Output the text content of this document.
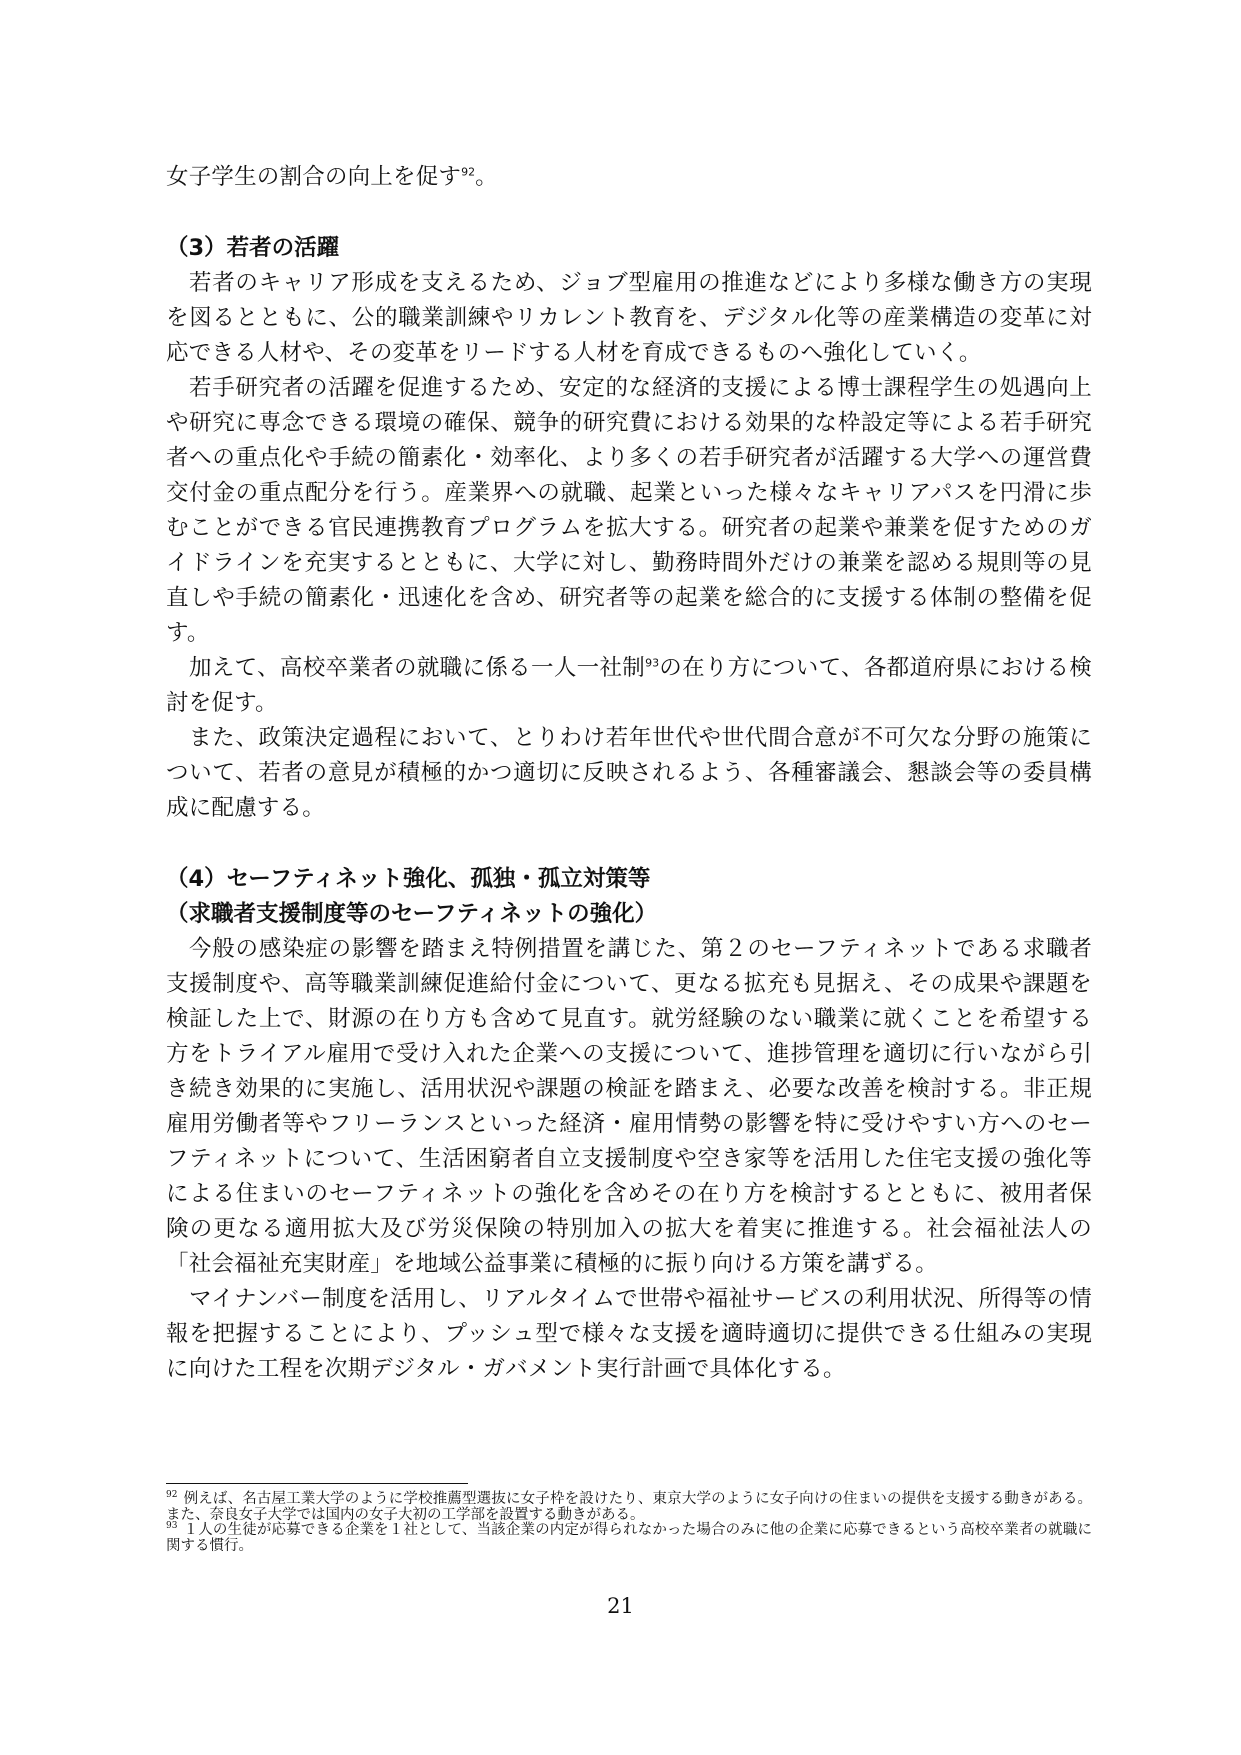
女子学生の割合の向上を促す$^{92}$。

（3）若者の活躍

若者のキャリア形成を支えるため、ジョブ型雇用の推進などにより多様な働き方の実現を図るとともに、公的職業訓練やリカレント教育を、デジタル化等の産業構造の変革に対応できる人材や、その変革をリードする人材を育成できるものへ強化していく。

若手研究者の活躍を促進するため、安定的な経済的支援による博士課程学生の処遇向上や研究に専念できる環境の確保、競争的研究費における効果的な枠設定等による若手研究者への重点化や手続の簡素化・効率化、より多くの若手研究者が活躍する大学への運営費交付金の重点配分を行う。産業界への就職、起業といった様々なキャリアパスを円滑に歩むことができる官民連携教育プログラムを拡大する。研究者の起業や兼業を促すためのガイドラインを充実するとともに、大学に対し、勤務時間外だけの兼業を認める規則等の見直しや手続の簡素化・迅速化を含め、研究者等の起業を総合的に支援する体制の整備を促す。

加えて、高校卒業者の就職に係る一人一社制$^{93}$の在り方について、各都道府県における検討を促す。

また、政策決定過程において、とりわけ若年世代や世代間合意が不可欠な分野の施策について、若者の意見が積極的かつ適切に反映されるよう、各種審議会、懇談会等の委員構成に配慮する。

（4）セーフティネット強化、孤独・孤立対策等
（求職者支援制度等のセーフティネットの強化）

今般の感染症の影響を踏まえ特例措置を講じた、第２のセーフティネットである求職者支援制度や、高等職業訓練促進給付金について、更なる拡充も見据え、その成果や課題を検証した上で、財源の在り方も含めて見直す。就労経験のない職業に就くことを希望する方をトライアル雇用で受け入れた企業への支援について、進捗管理を適切に行いながら引き続き効果的に実施し、活用状況や課題の検証を踏まえ、必要な改善を検討する。非正規雇用労働者等やフリーランスといった経済・雇用情勢の影響を特に受けやすい方へのセーフティネットについて、生活困窮者自立支援制度や空き家等を活用した住宅支援の強化等による住まいのセーフティネットの強化を含めその在り方を検討するとともに、被用者保険の更なる適用拡大及び労災保険の特別加入の拡大を着実に推進する。社会福祉法人の「社会福祉充実財産」を地域公益事業に積極的に振り向ける方策を講ずる。

マイナンバー制度を活用し、リアルタイムで世帯や福祉サービスの利用状況、所得等の情報を把握することにより、プッシュ型で様々な支援を適時適切に提供できる仕組みの実現に向けた工程を次期デジタル・ガバメント実行計画で具体化する。

$^{92}$ 例えば、名古屋工業大学のように学校推薦型選抜に女子枠を設けたり、東京大学のように女子向けの住まいの提供を支援する動きがある。また、奈良女子大学では国内の女子大初の工学部を設置する動きがある。

$^{93}$ １人の生徒が応募できる企業を１社として、当該企業の内定が得られなかった場合のみに他の企業に応募できるという高校卒業者の就職に関する慣行。

21
